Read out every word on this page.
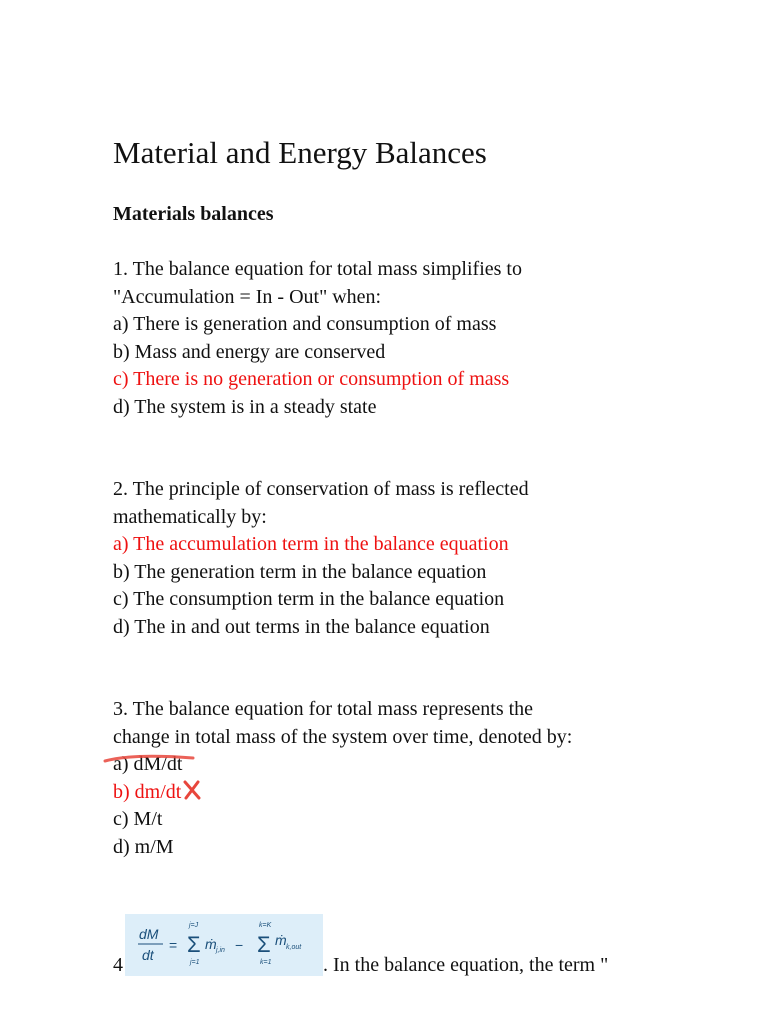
Material and Energy Balances
Materials balances
1. The balance equation for total mass simplifies to
"Accumulation = In - Out" when:
a) There is generation and consumption of mass
b) Mass and energy are conserved
c) There is no generation or consumption of mass
d) The system is in a steady state
2. The principle of conservation of mass is reflected
mathematically by:
a) The accumulation term in the balance equation
b) The generation term in the balance equation
c) The consumption term in the balance equation
d) The in and out terms in the balance equation
3. The balance equation for total mass represents the
change in total mass of the system over time, denoted by:
a) dM/dt
b) dm/dt
c) M/t
d) m/M
4
dM
dt
=
j=J
Σ
j=1
ṁ j,in −
k=K
Σ
k=1
ṁ k,out
. In the balance equation, the term "
